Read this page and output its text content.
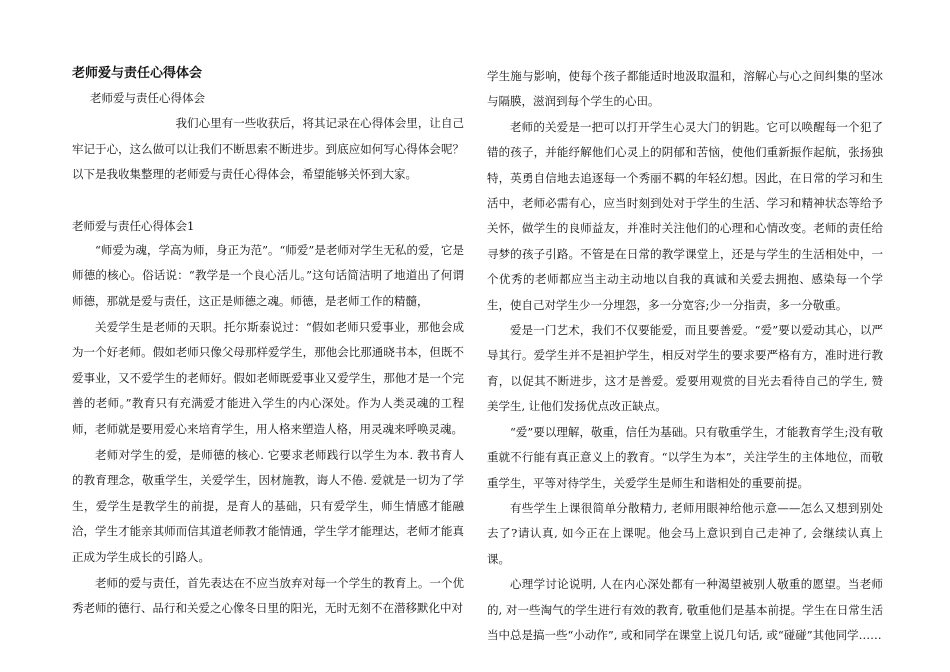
老师爱与责任心得体会
老师爱与责任心得体会

我们心里有一些收获后，将其记录在心得体会里，让自己牢记于心，这么做可以让我们不断思索不断进步。到底应如何写心得体会呢？以下是我收集整理的老师爱与责任心得体会，希望能够关怀到大家。

老师爱与责任心得体会1

“师爱为魂，学高为师，身正为范”。“师爱”是老师对学生无私的爱，它是师德的核心。俗话说：“教学是一个良心活儿。”这句话简洁明了地道出了何谓师德，那就是爱与责任，这正是师德之魂。师德，是老师工作的精髓，

关爱学生是老师的天职。托尔斯泰说过：“假如老师只爱事业，那他会成为一个好老师。假如老师只像父母那样爱学生，那他会比那通晓书本，但既不爱事业，又不爱学生的老师好。假如老师既爱事业又爱学生，那他才是一个完善的老师。”教育只有充满爱才能进入学生的内心深处。作为人类灵魂的工程师，老师就是要用爱心来培育学生，用人格来塑造人格，用灵魂来呼唤灵魂。

老师对学生的爱，是师德的核心. 它要求老师践行以学生为本. 教书育人的教育理念，敬重学生，关爱学生，因材施教，诲人不倦. 爱就是一切为了学生，爱学生是教学生的前提，是育人的基础，只有爱学生，师生情感才能融洽，学生才能亲其师而信其道老师教才能情通，学生学才能理达，老师才能真正成为学生成长的引路人。

老师的爱与责任，首先表达在不应当放弃对每一个学生的教育上。一个优秀老师的德行、品行和关爱之心像冬日里的阳光，无时无刻不在潜移默化中对

学生施与影响，使每个孩子都能适时地汲取温和，溶解心与心之间纠集的坚冰与隔膜，滋润到每个学生的心田。

老师的关爱是一把可以打开学生心灵大门的钥匙。它可以唤醒每一个犯了错的孩子，并能纾解他们心灵上的阴郁和苦恼，使他们重新振作起航，张扬独特，英勇自信地去追逐每一个秀丽不羁的年轻幻想。因此，在日常的学习和生活中，老师必需有心，应当时刻到处对于学生的生活、学习和精神状态等给予关怀，做学生的良师益友，并准时关注他们的心理和心情改变。老师的责任给寻梦的孩子引路。不管是在日常的教学课堂上，还是与学生的生活相处中，一个优秀的老师都应当主动主动地以自我的真诚和关爱去拥抱、感染每一个学生，使自己对学生少一分埋怨，多一分宽容;少一分指责，多一分敬重。

爱是一门艺术，我们不仅要能爱，而且要善爱。“爱”要以爱动其心，以严导其行。爱学生并不是袒护学生，相反对学生的要求要严格有方，准时进行教育，以促其不断进步，这才是善爱。爱要用观赏的目光去看待自己的学生, 赞美学生, 让他们发扬优点改正缺点。

“爱”要以理解，敬重，信任为基础。只有敬重学生，才能教育学生;没有敬重就不行能有真正意义上的教育。“以学生为本”，关注学生的主体地位，而敬重学生，平等对待学生，关爱学生是师生和谐相处的重要前提。

有些学生上课很简单分散精力, 老师用眼神给他示意——怎么又想到别处去了?请认真, 如今正在上课呢。他会马上意识到自己走神了, 会继续认真上课。

心理学讨论说明, 人在内心深处都有一种渴望被别人敬重的愿望。当老师的, 对一些淘气的学生进行有效的教育, 敬重他们是基本前提。学生在日常生活当中总是搞一些“小动作”, 或和同学在课堂上说几句话, 或“碰碰”其他同学……
